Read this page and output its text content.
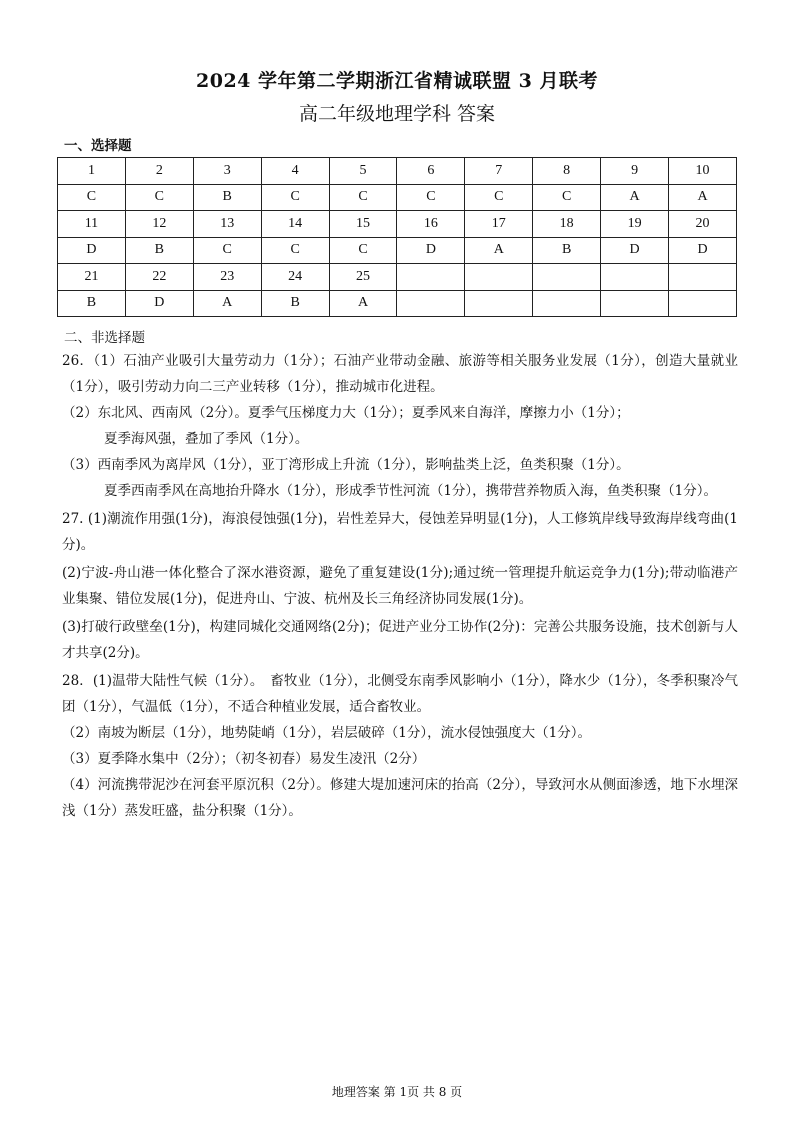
2024 学年第二学期浙江省精诚联盟 3 月联考
高二年级地理学科 答案
一、选择题
1	2	3	4	5	6	7	8	9	10
C	C	B	C	C	C	C	C	A	A
11	12	13	14	15	16	17	18	19	20
D	B	C	C	C	D	A	B	D	D
21	22	23	24	25					
B	D	A	B	A					
二、非选择题

26．（1）石油产业吸引大量劳动力（1分）；石油产业带动金融、旅游等相关服务业发展（1分），创造大量就业（1分），吸引劳动力向二三产业转移（1分），推动城市化进程。

（2）东北风、西南风（2分）。夏季气压梯度力大（1分）；夏季风来自海洋，摩擦力小（1分）；

夏季海风强，叠加了季风（1分）。

（3）西南季风为离岸风（1分），亚丁湾形成上升流（1分），影响盐类上泛，鱼类积聚（1分）。

夏季西南季风在高地抬升降水（1分），形成季节性河流（1分），携带营养物质入海，鱼类积聚（1分）。

27. (1)潮流作用强(1分)，海浪侵蚀强(1分)，岩性差异大，侵蚀差异明显(1分)，人工修筑岸线导致海岸线弯曲(1分)。

(2)宁波-舟山港一体化整合了深水港资源，避免了重复建设(1分);通过统一管理提升航运竞争力(1分);带动临港产业集聚、错位发展(1分)，促进舟山、宁波、杭州及长三角经济协同发展(1分)。

(3)打破行政壁垒(1分)，构建同城化交通网络(2分)；促进产业分工协作(2分)：完善公共服务设施，技术创新与人才共享(2分)。

28．(1)温带大陆性气候（1分）。　畜牧业（1分），北侧受东南季风影响小（1分），降水少（1分），冬季积聚冷气团（1分），气温低（1分），不适合种植业发展，适合畜牧业。

（2）南坡为断层（1分），地势陡峭（1分），岩层破碎（1分），流水侵蚀强度大（1分）。

（3）夏季降水集中（2分）；（初冬初春）易发生凌汛（2分）

（4）河流携带泥沙在河套平原沉积（2分）。修建大堤加速河床的抬高（2分），导致河水从侧面渗透，地下水埋深浅（1分）蒸发旺盛，盐分积聚（1分）。

地理答案 第 1页 共 8 页
